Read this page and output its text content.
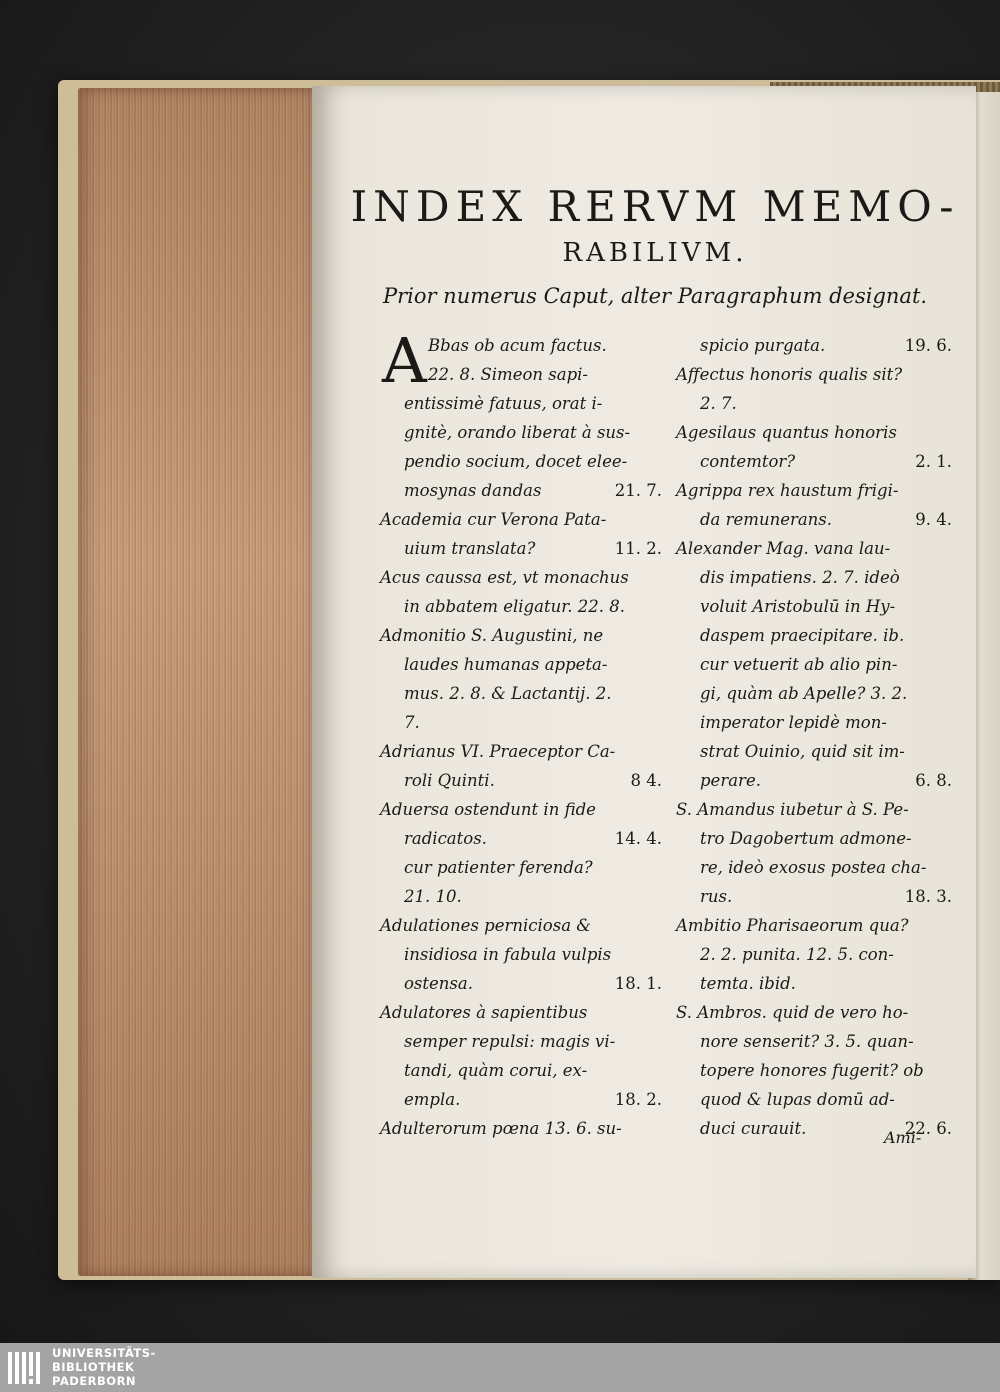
INDEX RERVM MEMO-
RABILIVM.
Prior numerus Caput, alter Paragraphum designat.
A Bbas ob acum factus.
22. 8. Simeon sapi-
entissimè fatuus, orat i-
gnitè, orando liberat à sus-
pendio socium, docet elee-
mosynas dandas	21. 7.
Academia cur Verona Pata-
uium translata?	11. 2.
Acus caussa est, vt monachus
in abbatem eligatur. 22. 8.
Admonitio S. Augustini, ne
laudes humanas appeta-
mus. 2. 8. & Lactantij. 2.
7.
Adrianus VI. Praeceptor Ca-
roli Quinti.	8 4.
Aduersa ostendunt in fide
radicatos.	14. 4.
cur patienter ferenda?
21. 10.
Adulationes perniciosa &
insidiosa in fabula vulpis
ostensa.	18. 1.
Adulatores à sapientibus
semper repulsi: magis vi-
tandi, quàm corui, ex-
empla.	18. 2.
Adulterorum pœna 13. 6. su-
spicio purgata.	19. 6.
Affectus honoris qualis sit?
2. 7.
Agesilaus quantus honoris
contemtor?	2. 1.
Agrippa rex haustum frigi-
da remunerans.	9. 4.
Alexander Mag. vana lau-
dis impatiens. 2. 7. ideò
voluit Aristobulū in Hy-
daspem praecipitare. ib.
cur vetuerit ab alio pin-
gi, quàm ab Apelle? 3. 2.
imperator lepidè mon-
strat Ouinio, quid sit im-
perare.	6. 8.
S. Amandus iubetur à S. Pe-
tro Dagobertum admone-
re, ideò exosus postea cha-
rus.	18. 3.
Ambitio Pharisaeorum qua?
2. 2. punita. 12. 5. con-
temta. ibid.
S. Ambros. quid de vero ho-
nore senserit? 3. 5. quan-
topere honores fugerit? ob
quod & lupas domū ad-
duci curauit.	22. 6.
Ami-
UNIVERSITÄTS-
BIBLIOTHEK
PADERBORN
